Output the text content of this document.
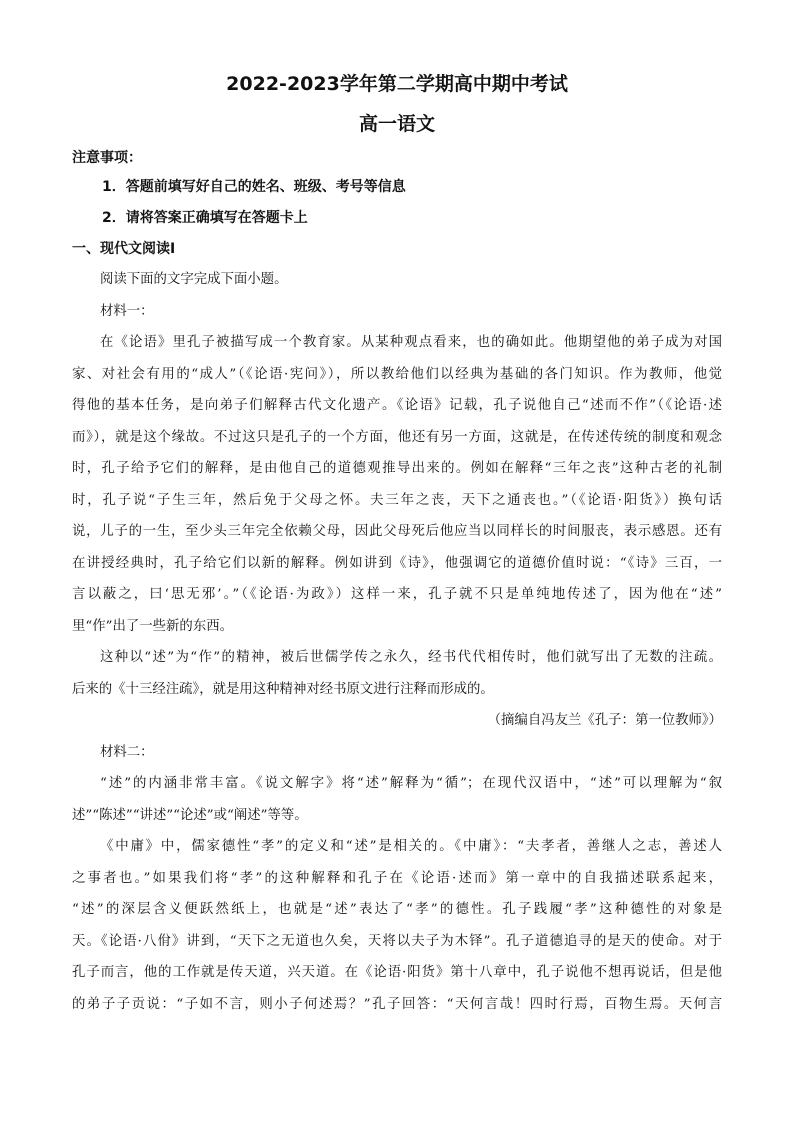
2022-2023学年第二学期高中期中考试
高一语文

注意事项：

1．答题前填写好自己的姓名、班级、考号等信息

2．请将答案正确填写在答题卡上

一、现代文阅读Ⅰ

阅读下面的文字完成下面小题。

材料一：

在《论语》里孔子被描写成一个教育家。从某种观点看来，也的确如此。他期望他的弟子成为对国

家、对社会有用的“成人”（《论语·宪问》），所以教给他们以经典为基础的各门知识。作为教师，他觉

得他的基本任务，是向弟子们解释古代文化遗产。《论语》记载，孔子说他自己“述而不作”（《论语·述

而》），就是这个缘故。不过这只是孔子的一个方面，他还有另一方面，这就是，在传述传统的制度和观念

时，孔子给予它们的解释，是由他自己的道德观推导出来的。例如在解释“三年之丧”这种古老的礼制

时，孔子说“子生三年，然后免于父母之怀。夫三年之丧，天下之通丧也。”（《论语·阳货》）换句话

说，儿子的一生，至少头三年完全依赖父母，因此父母死后他应当以同样长的时间服丧，表示感恩。还有

在讲授经典时，孔子给它们以新的解释。例如讲到《诗》，他强调它的道德价值时说：“《诗》三百，一

言以蔽之，曰‘思无邪’。”（《论语·为政》）这样一来，孔子就不只是单纯地传述了，因为他在“述”

里“作”出了一些新的东西。

这种以“述”为“作”的精神，被后世儒学传之永久，经书代代相传时，他们就写出了无数的注疏。

后来的《十三经注疏》，就是用这种精神对经书原文进行注释而形成的。

（摘编自冯友兰《孔子：第一位教师》）

材料二：

“述”的内涵非常丰富。《说文解字》将“述”解释为“循”；在现代汉语中，“述”可以理解为“叙

述”“陈述”“讲述”“论述”或“阐述”等等。

《中庸》中，儒家德性“孝”的定义和“述”是相关的。《中庸》：“夫孝者，善继人之志，善述人

之事者也。”如果我们将“孝”的这种解释和孔子在《论语·述而》第一章中的自我描述联系起来，

“述”的深层含义便跃然纸上，也就是“述”表达了“孝”的德性。孔子践履“孝”这种德性的对象是

天。《论语·八佾》讲到，“天下之无道也久矣，天将以夫子为木铎”。孔子道德追寻的是天的使命。对于

孔子而言，他的工作就是传天道，兴天道。在《论语·阳货》第十八章中，孔子说他不想再说话，但是他

的弟子子贡说：“子如不言，则小子何述焉？”孔子回答：“天何言哉！四时行焉，百物生焉。天何言
